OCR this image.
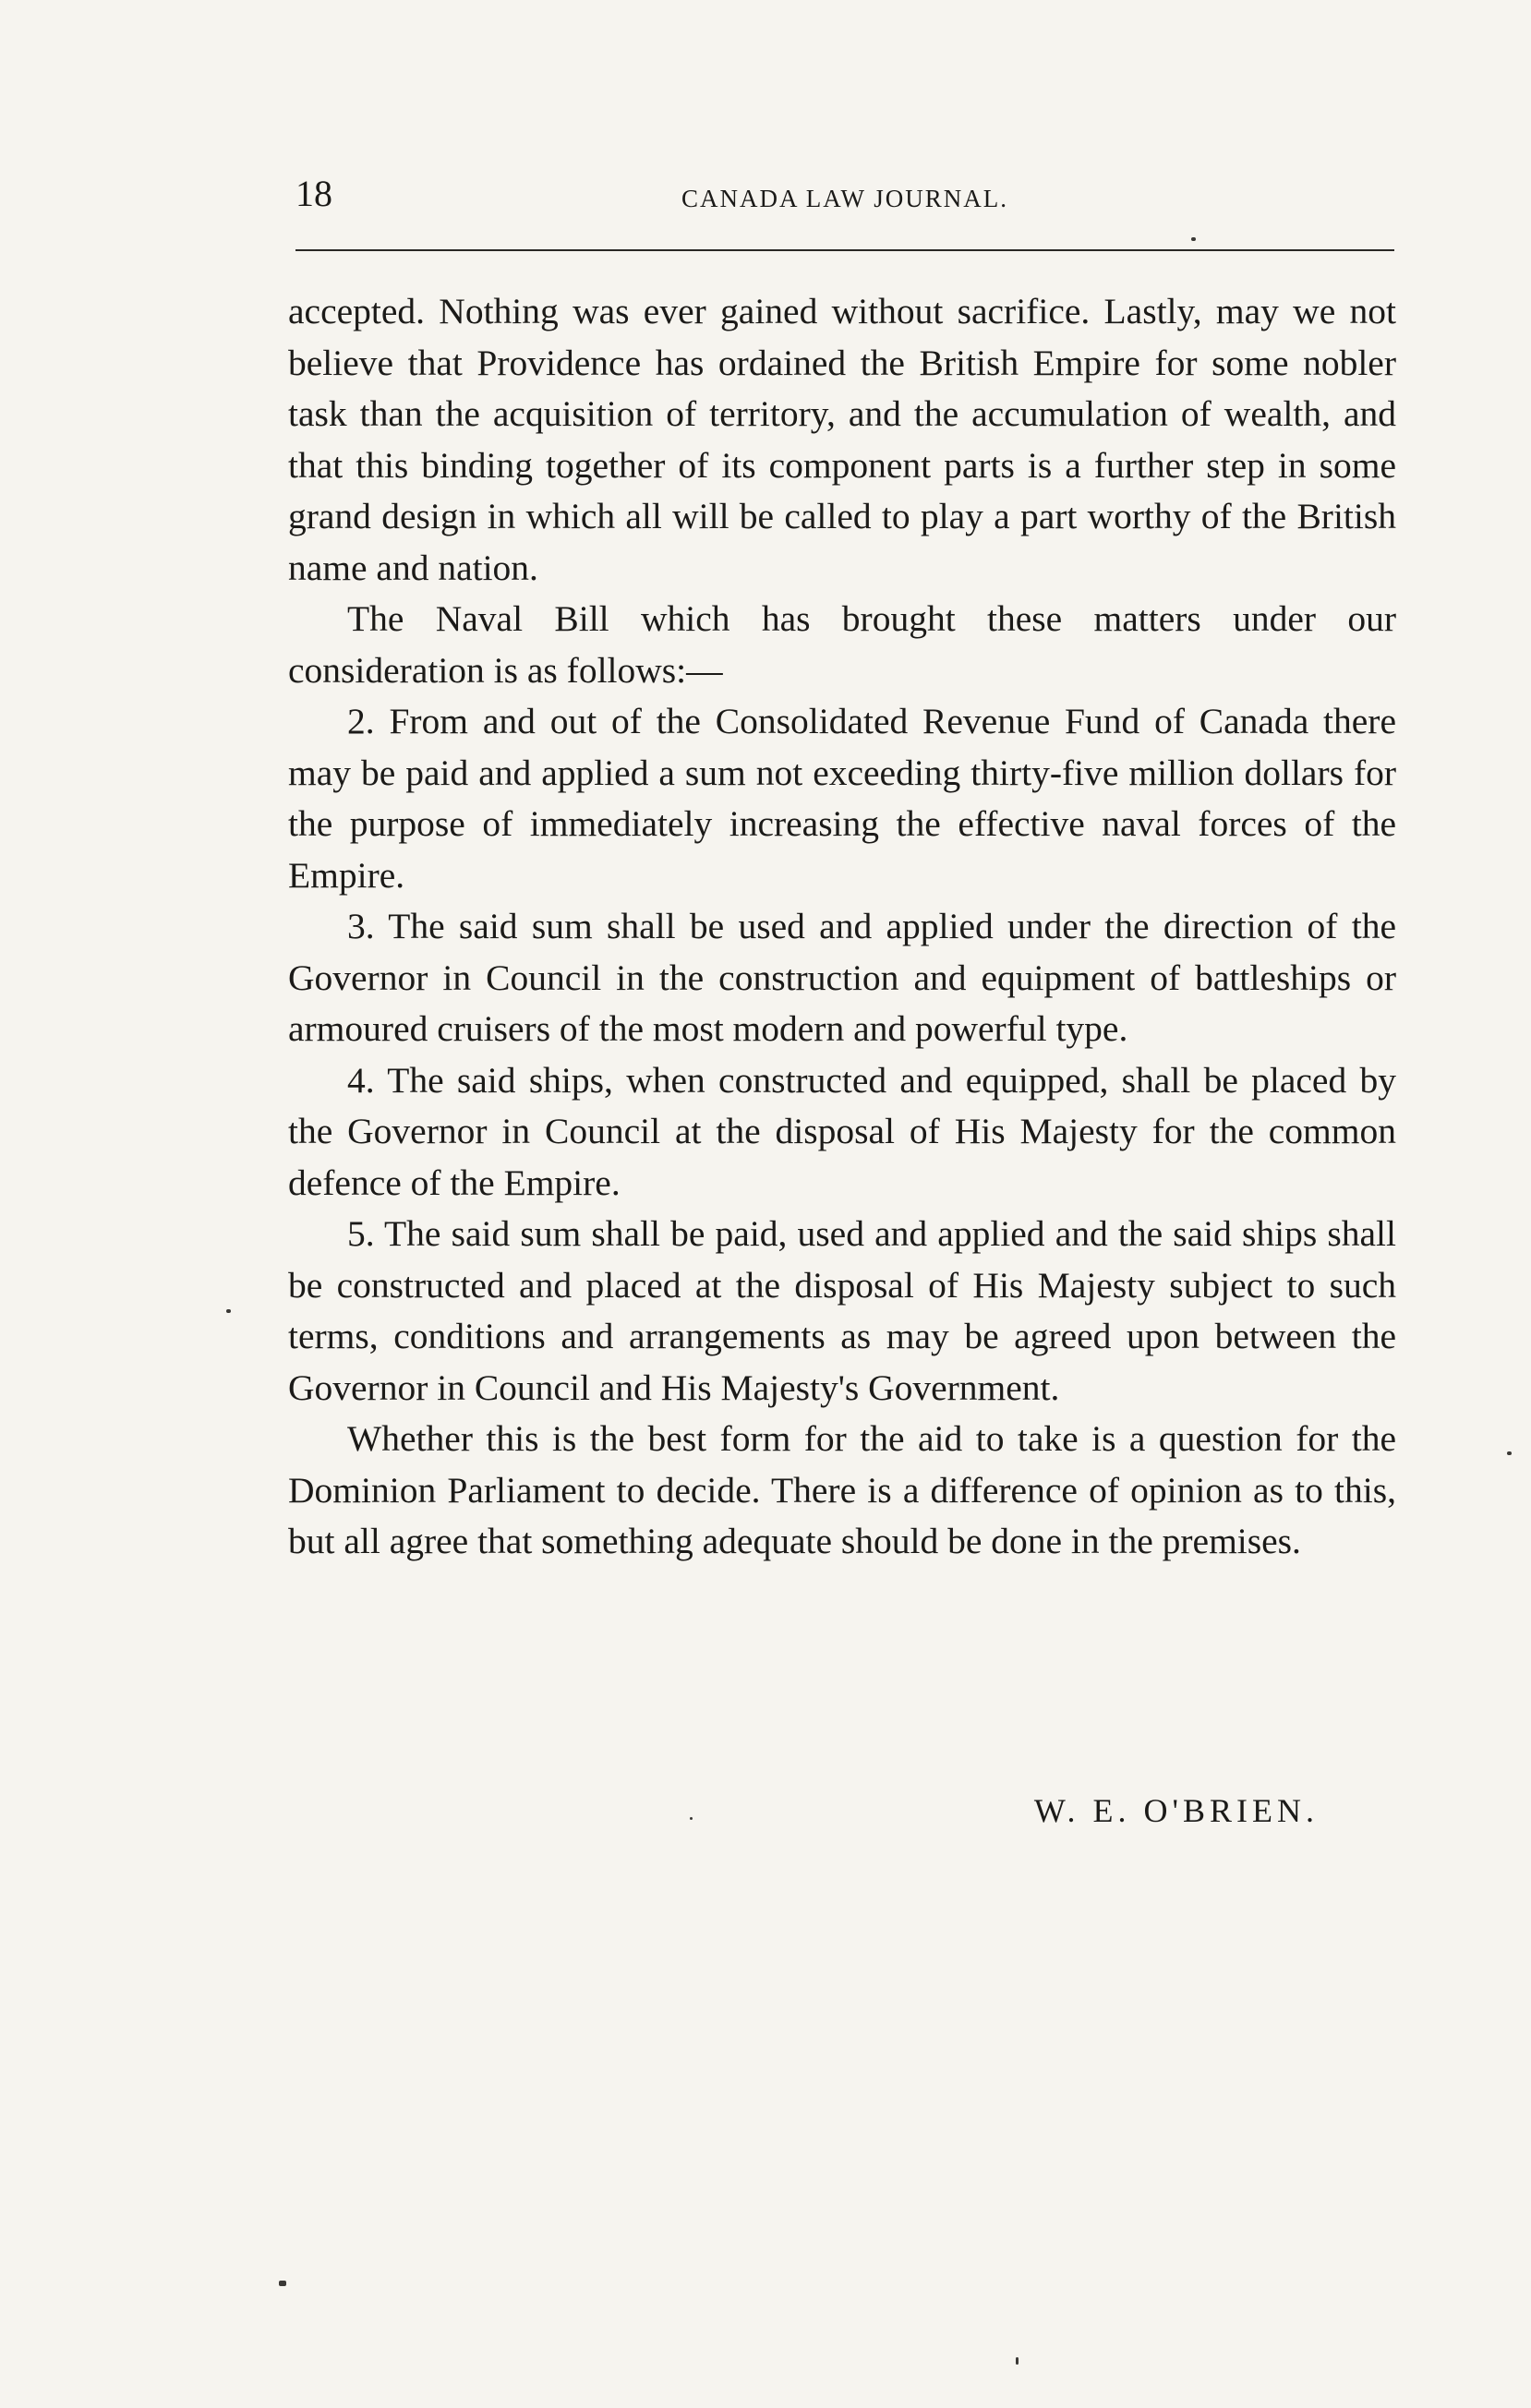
18	CANADA LAW JOURNAL.

accepted. Nothing was ever gained without sacrifice. Lastly, may we not believe that Providence has ordained the British Empire for some nobler task than the acquisition of territory, and the accumulation of wealth, and that this binding together of its component parts is a further step in some grand design in which all will be called to play a part worthy of the British name and nation.

The Naval Bill which has brought these matters under our consideration is as follows:—

2. From and out of the Consolidated Revenue Fund of Canada there may be paid and applied a sum not exceeding thirty-five million dollars for the purpose of immediately increasing the effective naval forces of the Empire.

3. The said sum shall be used and applied under the direction of the Governor in Council in the construction and equipment of battleships or armoured cruisers of the most modern and powerful type.

4. The said ships, when constructed and equipped, shall be placed by the Governor in Council at the disposal of His Majesty for the common defence of the Empire.

5. The said sum shall be paid, used and applied and the said ships shall be constructed and placed at the disposal of His Majesty subject to such terms, conditions and arrangements as may be agreed upon between the Governor in Council and His Majesty's Government.

Whether this is the best form for the aid to take is a question for the Dominion Parliament to decide. There is a difference of opinion as to this, but all agree that something adequate should be done in the premises.

W. E. O'BRIEN.
